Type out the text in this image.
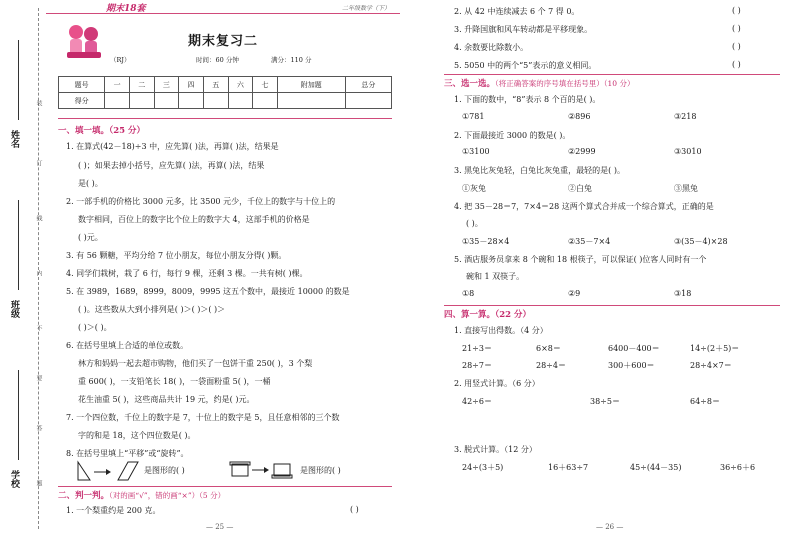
姓名
班级
学校
装
订
线
内
不
要
答
题
期末18套	二年级数学（下）
期末复习二
（RJ）	时间：60 分钟	满分：110 分
题号	一	二	三	四	五	六	七	附加题	总分
得分									
一、填一填。（25 分）
1. 在算式(42－18)÷3 中，应先算( )法，再算( )法，结果是
( )；如果去掉小括号，应先算( )法，再算( )法，结果
是( )。
2. 一部手机的价格比 3000 元多，比 3500 元少，千位上的数字与十位上的
数字相同，百位上的数字比个位上的数字大 4，这部手机的价格是
( )元。
3. 有 56 颗糖，平均分给 7 位小朋友，每位小朋友分得( )颗。
4. 同学们栽树，栽了 6 行，每行 9 棵，还剩 3 棵。一共有树( )棵。
5. 在 3989，1689，8999，8009，9995 这五个数中，最接近 10000 的数是
( )。这些数从大到小排列是( )＞( )＞( )＞
( )＞( )。
6. 在括号里填上合适的单位或数。
林方和妈妈一起去超市购物，他们买了一包饼干重 250( )，3 个梨
重 600( )，一支铅笔长 18( )，一袋面粉重 5( )，一桶
花生油重 5( )，这些商品共计 19 元，约是( )元。
7. 一个四位数，千位上的数字是 7，十位上的数字是 5，且任意相邻的三个数
字的和是 18，这个四位数是( )。
8. 在括号里填上“平移”或“旋转”。
是图形的( )	是图形的( )
二、判一判。（对的画“√”，错的画“×”）（5 分）
1. 一个梨重约是 200 克。	( )
— 25 —
2. 从 42 中连续减去 6 个 7 得 0。	( )
3. 升降国旗和风车转动都是平移现象。	( )
4. 余数要比除数小。	( )
5. 5050 中的两个“5”表示的意义相同。	( )
三、选一选。（将正确答案的序号填在括号里）（10 分）
1. 下面的数中，“8”表示 8 个百的是( )。
①781	②896	③218
2. 下面最接近 3000 的数是( )。
①3100	②2999	③3010
3. 黑兔比灰兔轻，白兔比灰兔重，最轻的是( )。
①灰兔	②白兔	③黑兔
4. 把 35－28＝7，7×4＝28 这两个算式合并成一个综合算式，正确的是
( )。
①35－28×4	②35－7×4	③(35－4)×28
5. 酒店服务员拿来 8 个碗和 18 根筷子，可以保证( )位客人同时有一个
碗和 1 双筷子。
①8	②9	③18
四、算一算。（22 分）
1. 直接写出得数。（4 分）
21÷3＝	6×8＝	6400－400＝	14÷(2＋5)＝
28÷7＝	28÷4＝	300＋600＝	28÷4×7＝
2. 用竖式计算。（6 分）
42÷6＝	38÷5＝	64÷8＝
3. 脱式计算。（12 分）
24÷(3＋5)	16＋63÷7	45÷(44－35)	36÷6＋6
— 26 —
